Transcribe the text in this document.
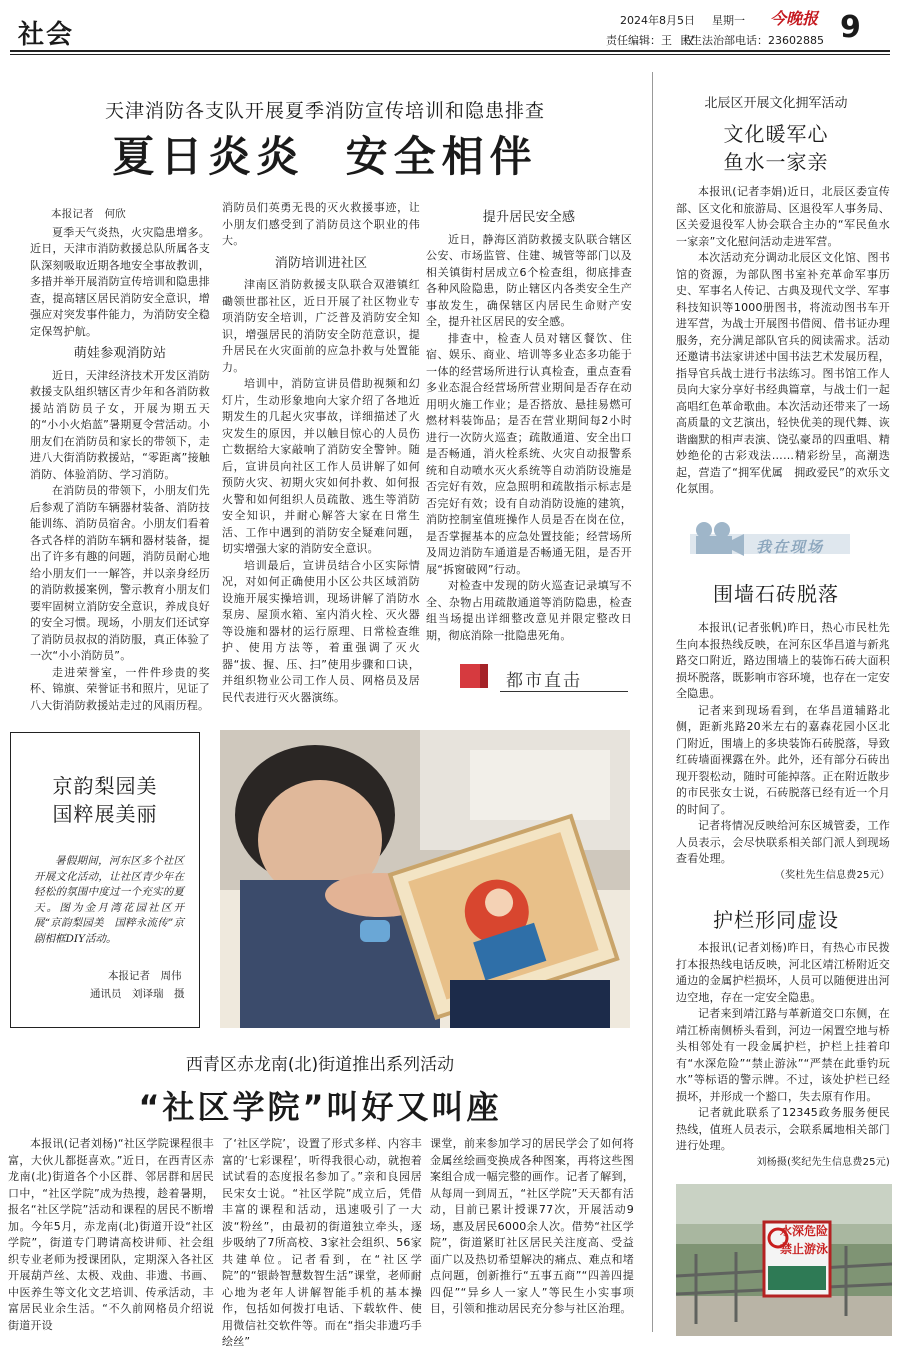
社会	2024年8月5日 星期一 今晚报 9
责任编辑：王　权
民生法治部电话：23602885
天津消防各支队开展夏季消防宣传培训和隐患排查
夏日炎炎  安全相伴

本报记者　何欣

夏季天气炎热，火灾隐患增多。近日，天津市消防救援总队所属各支队深刻吸取近期各地安全事故教训，多措并举开展消防宣传培训和隐患排查，提高辖区居民消防安全意识，增强应对突发事件能力，为消防安全稳定保驾护航。

萌娃参观消防站

近日，天津经济技术开发区消防救援支队组织辖区青少年和各消防救援站消防员子女，开展为期五天的“小小火焰蓝”暑期夏令营活动。小朋友们在消防员和家长的带领下，走进八大街消防救援站，“零距离”接触消防、体验消防、学习消防。

在消防员的带领下，小朋友们先后参观了消防车辆器材装备、消防技能训练、消防员宿舍。小朋友们看着各式各样的消防车辆和器材装备，提出了许多有趣的问题，消防员耐心地给小朋友们一一解答，并以亲身经历的消防救援案例，警示教育小朋友们要牢固树立消防安全意识，养成良好的安全习惯。现场，小朋友们还试穿了消防员叔叔的消防服，真正体验了一次“小小消防员”。

走进荣誉室，一件件珍贵的奖杯、锦旗、荣誉证书和照片，见证了八大街消防救援站走过的风雨历程。

消防员们英勇无畏的灭火救援事迹，让小朋友们感受到了消防员这个职业的伟大。

消防培训进社区

津南区消防救援支队联合双港镇红磡领世郡社区，近日开展了社区物业专项消防安全培训，广泛普及消防安全知识，增强居民的消防安全防范意识，提升居民在火灾面前的应急扑救与处置能力。

培训中，消防宣讲员借助视频和幻灯片，生动形象地向大家介绍了各地近期发生的几起火灾事故，详细描述了火灾发生的原因，并以触目惊心的人员伤亡数据给大家敲响了消防安全警钟。随后，宣讲员向社区工作人员讲解了如何预防火灾、初期火灾如何扑救、如何报火警和如何组织人员疏散、逃生等消防安全知识，并耐心解答大家在日常生活、工作中遇到的消防安全疑难问题，切实增强大家的消防安全意识。

培训最后，宣讲员结合小区实际情况，对如何正确使用小区公共区域消防设施开展实操培训，现场讲解了消防水泵房、屋顶水箱、室内消火栓、灭火器等设施和器材的运行原理、日常检查维护、使用方法等，着重强调了灭火器“拔、握、压、扫”使用步骤和口诀，并组织物业公司工作人员、网格员及居民代表进行灭火器演练。

提升居民安全感

近日，静海区消防救援支队联合辖区公安、市场监管、住建、城管等部门以及相关镇街村居成立6个检查组，彻底排查各种风险隐患，防止辖区内各类安全生产事故发生，确保辖区内居民生命财产安全，提升社区居民的安全感。

排查中，检查人员对辖区餐饮、住宿、娱乐、商业、培训等多业态多功能于一体的经营场所进行认真检查，重点查看多业态混合经营场所营业期间是否存在动用明火施工作业；是否搭放、悬挂易燃可燃材料装饰品；是否在营业期间每2小时进行一次防火巡查；疏散通道、安全出口是否畅通，消火栓系统、火灾自动报警系统和自动喷水灭火系统等自动消防设施是否完好有效，应急照明和疏散指示标志是否完好有效；设有自动消防设施的建筑，消防控制室值班操作人员是否在岗在位，是否掌握基本的应急处置技能；经营场所及周边消防车通道是否畅通无阻，是否开展“拆窗破网”行动。

对检查中发现的防火巡查记录填写不全、杂物占用疏散通道等消防隐患，检查组当场提出详细整改意见并限定整改日期，彻底消除一批隐患死角。

都市直击
京韵梨园美
国粹展美丽
暑假期间，河东区多个社区开展文化活动，让社区青少年在轻松的氛围中度过一个充实的夏天。图为金月湾花园社区开展“京韵梨园美　国粹永流传”京剧相框DIY活动。
本报记者　周伟
通讯员　刘译瑞　摄
西青区赤龙南(北)街道推出系列活动
“社区学院”叫好又叫座

本报讯(记者刘杨)“社区学院课程很丰富，大伙儿都挺喜欢。”近日，在西青区赤龙南(北)街道各个小区群、邻居群和居民口中，“社区学院”成为热搜，趁着暑期，报名“社区学院”活动和课程的居民不断增加。今年5月，赤龙南(北)街道开设“社区学院”，街道专门聘请高校讲师、社会组织专业老师为授课团队，定期深入各社区开展葫芦丝、太极、戏曲、非遗、书画、中医养生等文化文艺培训、传承活动，丰富居民业余生活。“不久前网格员介绍说街道开设

了‘社区学院’，设置了形式多样、内容丰富的‘七彩课程’，听得我很心动，就抱着试试看的态度报名参加了。”亲和良园居民宋女士说。“社区学院”成立后，凭借丰富的课程和活动，迅速吸引了一大波“粉丝”，由最初的街道独立牵头，逐步吸纳了7所高校、3家社会组织、56家共建单位。记者看到，在“社区学院”的“银龄智慧数智生活”课堂，老师耐心地为老年人讲解智能手机的基本操作，包括如何拨打电话、下载软件、使用微信社交软件等。而在“指尖非遗巧手绘丝”

课堂，前来参加学习的居民学会了如何将金属丝绘画变换成各种图案，再将这些图案组合成一幅完整的画作。记者了解到，从每周一到周五，“社区学院”天天都有活动，目前已累计授课77次，开展活动9场，惠及居民6000余人次。借势“社区学院”，街道紧盯社区居民关注度高、受益面广以及热切希望解决的痛点、难点和堵点问题，创新推行“五事五商”“四善四提四促”“异乡人一家人”等民生小实事项目，引领和推动居民充分参与社区治理。

北辰区开展文化拥军活动
文化暖军心
鱼水一家亲

本报讯(记者李娟)近日，北辰区委宣传部、区文化和旅游局、区退役军人事务局、区关爱退役军人协会联合主办的“军民鱼水一家亲”文化慰问活动走进军营。

本次活动充分调动北辰区文化馆、图书馆的资源，为部队图书室补充革命军事历史、军事名人传记、古典及现代文学、军事科技知识等1000册图书，将流动图书车开进军营，为战士开展图书借阅、借书证办理服务，充分满足部队官兵的阅读需求。活动还邀请书法家讲述中国书法艺术发展历程，指导官兵战士进行书法练习。图书馆工作人员向大家分享好书经典篇章，与战士们一起高唱红色革命歌曲。本次活动还带来了一场高质量的文艺演出，轻快优美的现代舞、诙谐幽默的相声表演、饶弘豪昂的四重唱、精妙绝伦的古彩戏法……精彩纷呈，高潮迭起，营造了“拥军优属　拥政爱民”的欢乐文化氛围。

我在现场
围墙石砖脱落

本报讯(记者张帆)昨日，热心市民杜先生向本报热线反映，在河东区华昌道与新兆路交口附近，路边围墙上的装饰石砖大面积损坏脱落，既影响市容环境，也存在一定安全隐患。

记者来到现场看到，在华昌道辅路北侧，距新兆路20米左右的嘉森花园小区北门附近，围墙上的多块装饰石砖脱落，导致红砖墙面裸露在外。此外，还有部分石砖出现开裂松动，随时可能掉落。正在附近散步的市民张女士说，石砖脱落已经有近一个月的时间了。

记者将情况反映给河东区城管委，工作人员表示，会尽快联系相关部门派人到现场查看处理。

（奖杜先生信息费25元）

护栏形同虚设

本报讯(记者刘杨)昨日，有热心市民拨打本报热线电话反映，河北区靖江桥附近交通边的金属护栏损坏，人员可以随便进出河边空地，存在一定安全隐患。

记者来到靖江路与革新道交口东侧，在靖江桥南侧桥头看到，河边一闲置空地与桥头相邻处有一段金属护栏，护栏上挂着印有“水深危险”“禁止游泳”“严禁在此垂钓玩水”等标语的警示牌。不过，该处护栏已经损坏，并形成一个豁口，失去原有作用。

记者就此联系了12345政务服务便民热线，值班人员表示，会联系属地相关部门进行处理。

刘杨摄(奖纪先生信息费25元)

水深危险
禁止游泳
